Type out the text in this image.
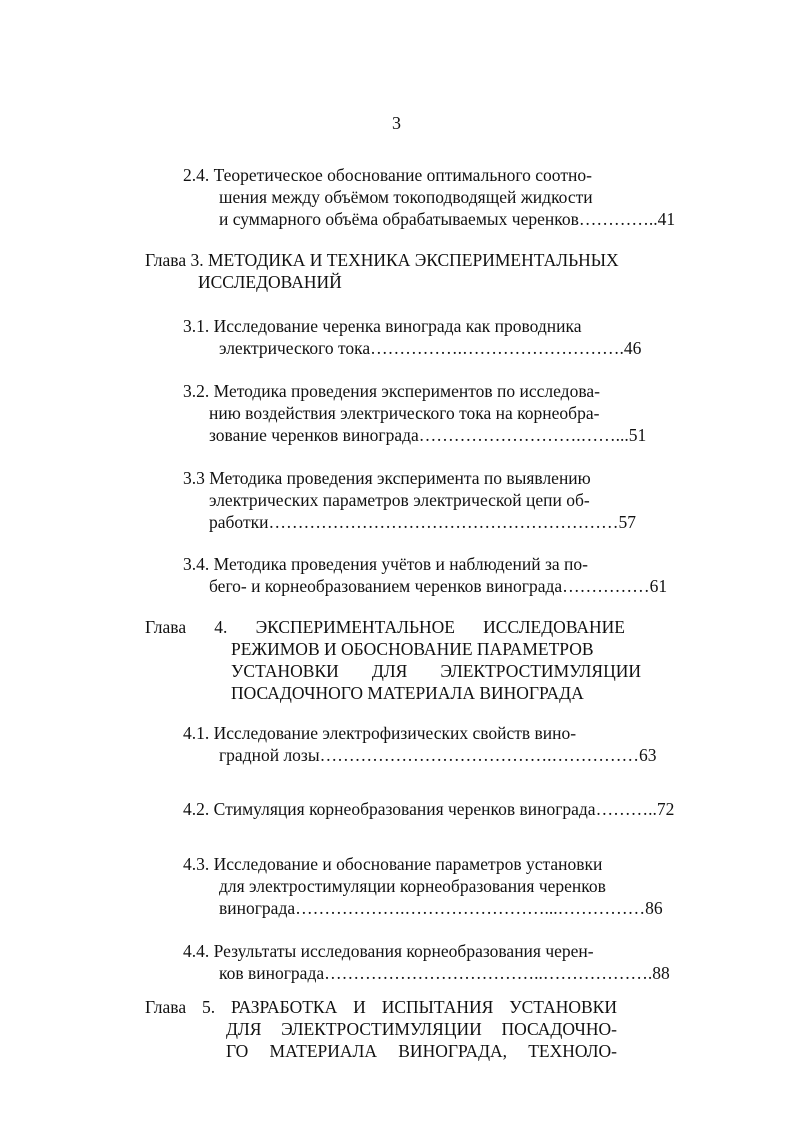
3
2.4. Теоретическое обоснование оптимального соотно-
шения между объёмом токоподводящей жидкости
и суммарного объёма обрабатываемых черенков…………..41
Глава 3. МЕТОДИКА И ТЕХНИКА ЭКСПЕРИМЕНТАЛЬНЫХ
ИССЛЕДОВАНИЙ
3.1. Исследование черенка винограда как проводника
электрического тока…………….……………………….46
3.2. Методика проведения экспериментов по исследова-
нию воздействия электрического тока на корнеобра-
зование черенков винограда……………………….……...51
3.3 Методика проведения эксперимента по выявлению
электрических параметров электрической цепи об-
работки……………………………………………………57
3.4. Методика проведения учётов и наблюдений за по-
бего- и корнеобразованием черенков винограда……………61
Глава 4. ЭКСПЕРИМЕНТАЛЬНОЕ ИССЛЕДОВАНИЕ
РЕЖИМОВ И ОБОСНОВАНИЕ ПАРАМЕТРОВ
УСТАНОВКИ ДЛЯ ЭЛЕКТРОСТИМУЛЯЦИИ
ПОСАДОЧНОГО МАТЕРИАЛА ВИНОГРАДА
4.1. Исследование электрофизических свойств вино-
градной лозы………………………………….……………63
4.2. Стимуляция корнеобразования черенков винограда………..72
4.3. Исследование и обоснование параметров установки
для электростимуляции корнеобразования черенков
винограда……………….……………………...……………86
4.4. Результаты исследования корнеобразования черен-
ков винограда………………………………..……………….88
Глава 5. РАЗРАБОТКА И ИСПЫТАНИЯ УСТАНОВКИ
ДЛЯ ЭЛЕКТРОСТИМУЛЯЦИИ ПОСАДОЧНО-
ГО МАТЕРИАЛА ВИНОГРАДА, ТЕХНОЛО-
